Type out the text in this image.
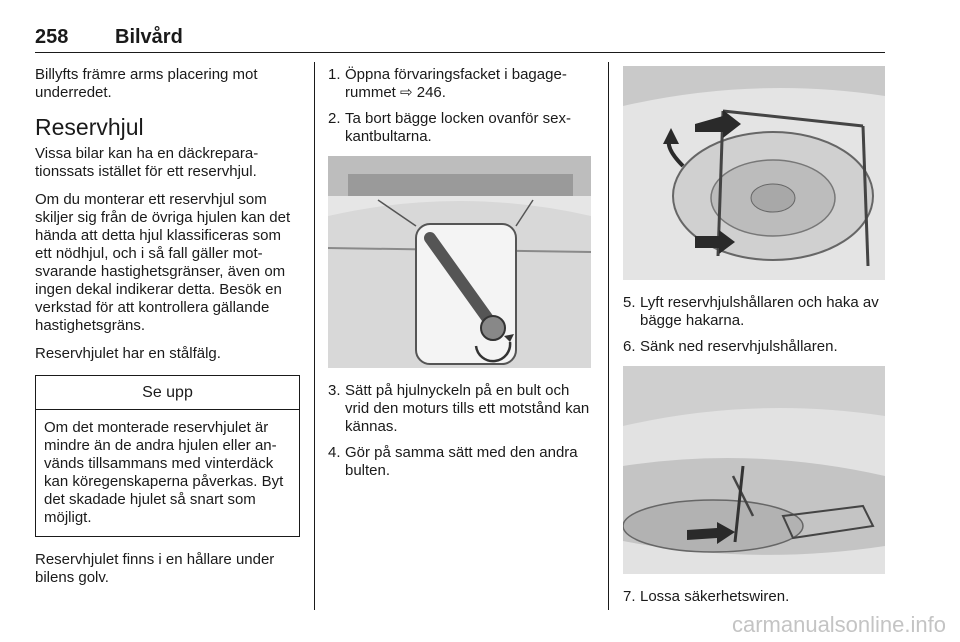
258 Bilvård

Billyfts främre arms placering mot underredet.

Reservhjul

Vissa bilar kan ha en däckreparationssats istället för ett reservhjul.

Om du monterar ett reservhjul som skiljer sig från de övriga hjulen kan det hända att detta hjul klassificeras som ett nödhjul, och i så fall gäller motsvarande hastighetsgränser, även om ingen dekal indikerar detta. Besök en verkstad för att kontrollera gällande hastighetsgräns.

Reservhjulet har en stålfälg.

Se upp
Om det monterade reservhjulet är mindre än de andra hjulen eller används tillsammans med vinterdäck kan köregenskaperna påverkas. Byt det skadade hjulet så snart som möjligt.

Reservhjulet finns i en hållare under bilens golv.

1. Öppna förvaringsfacket i bagagerummet ⇨ 246.
2. Ta bort bägge locken ovanför sexkantbultarna.
3. Sätt på hjulnyckeln på en bult och vrid den moturs tills ett motstånd kan kännas.
4. Gör på samma sätt med den andra bulten.
5. Lyft reservhjulshållaren och haka av bägge hakarna.
6. Sänk ned reservhjulshållaren.
7. Lossa säkerhetswiren.
carmanualsonline.info
